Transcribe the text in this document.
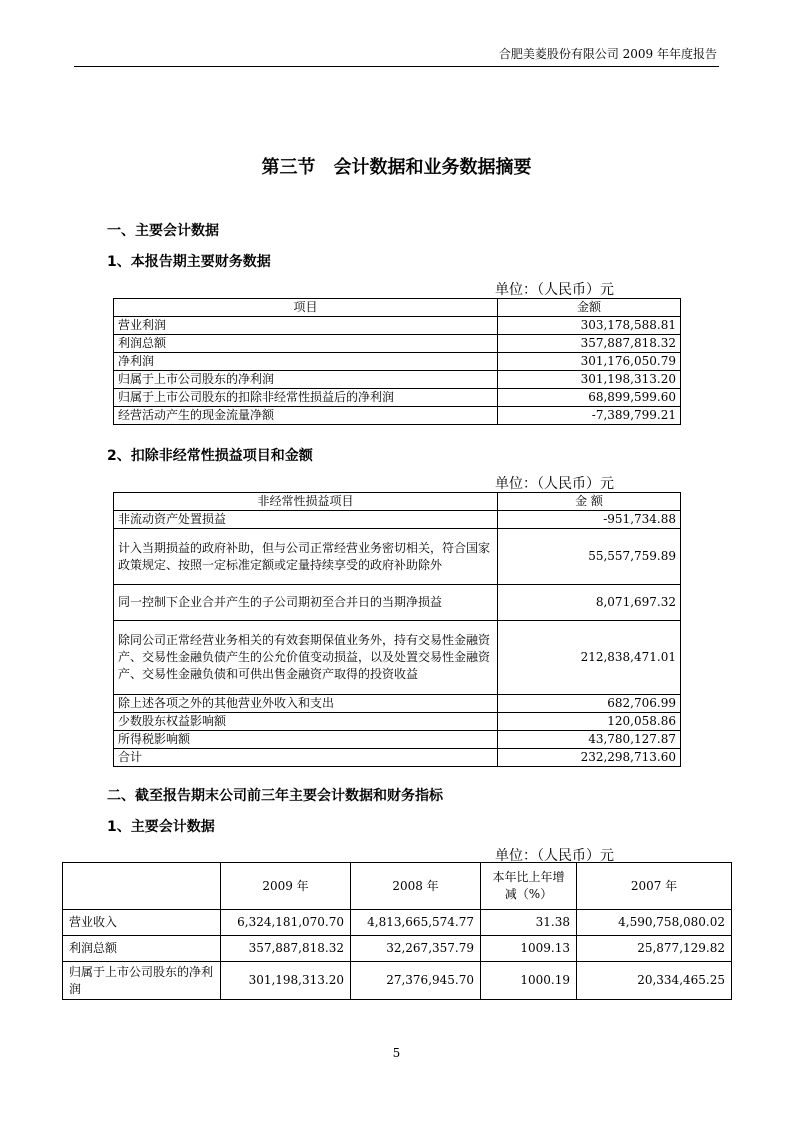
合肥美菱股份有限公司 2009 年年度报告
第三节　会计数据和业务数据摘要
一、主要会计数据
1、本报告期主要财务数据
单位：（人民币）元
项目	金额
营业利润	303,178,588.81
利润总额	357,887,818.32
净利润	301,176,050.79
归属于上市公司股东的净利润	301,198,313.20
归属于上市公司股东的扣除非经常性损益后的净利润	68,899,599.60
经营活动产生的现金流量净额	-7,389,799.21
2、扣除非经常性损益项目和金额
单位：（人民币）元
非经常性损益项目	金 额
非流动资产处置损益	-951,734.88
计入当期损益的政府补助，但与公司正常经营业务密切相关，符合国家政策规定、按照一定标准定额或定量持续享受的政府补助除外	55,557,759.89
同一控制下企业合并产生的子公司期初至合并日的当期净损益	8,071,697.32
除同公司正常经营业务相关的有效套期保值业务外，持有交易性金融资产、交易性金融负债产生的公允价值变动损益，以及处置交易性金融资产、交易性金融负债和可供出售金融资产取得的投资收益	212,838,471.01
除上述各项之外的其他营业外收入和支出	682,706.99
少数股东权益影响额	120,058.86
所得税影响额	43,780,127.87
合计	232,298,713.60
二、截至报告期末公司前三年主要会计数据和财务指标
1、主要会计数据
单位：（人民币）元
	2009 年	2008 年	本年比上年增减（%）	2007 年
营业收入	6,324,181,070.70	4,813,665,574.77	31.38	4,590,758,080.02
利润总额	357,887,818.32	32,267,357.79	1009.13	25,877,129.82
归属于上市公司股东的净利润	301,198,313.20	27,376,945.70	1000.19	20,334,465.25
5
